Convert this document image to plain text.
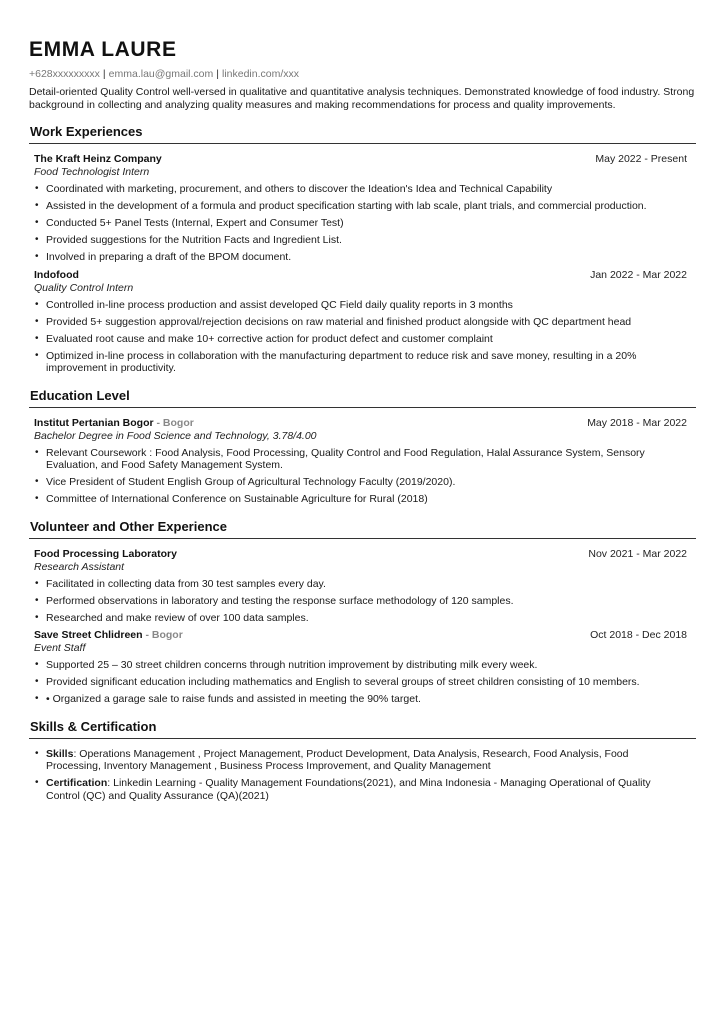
EMMA LAURE
+628xxxxxxxxx | emma.lau@gmail.com | linkedin.com/xxx
Detail-oriented Quality Control well-versed in qualitative and quantitative analysis techniques. Demonstrated knowledge of food industry. Strong background in collecting and analyzing quality measures and making recommendations for process and quality improvements.
Work Experiences
The Kraft Heinz Company	May 2022 - Present
Food Technologist Intern
• Coordinated with marketing, procurement, and others to discover the Ideation's Idea and Technical Capability
• Assisted in the development of a formula and product specification starting with lab scale, plant trials, and commercial production.
• Conducted 5+ Panel Tests (Internal, Expert and Consumer Test)
• Provided suggestions for the Nutrition Facts and Ingredient List.
• Involved in preparing a draft of the BPOM document.
Indofood	Jan 2022 - Mar 2022
Quality Control Intern
• Controlled in-line process production and assist developed QC Field daily quality reports in 3 months
• Provided 5+ suggestion approval/rejection decisions on raw material and finished product alongside with QC department head
• Evaluated root cause and make 10+ corrective action for product defect and customer complaint
• Optimized in-line process in collaboration with the manufacturing department to reduce risk and save money, resulting in a 20% improvement in productivity.
Education Level
Institut Pertanian Bogor - Bogor	May 2018 - Mar 2022
Bachelor Degree in Food Science and Technology, 3.78/4.00
• Relevant Coursework : Food Analysis, Food Processing, Quality Control and Food Regulation, Halal Assurance System, Sensory Evaluation, and Food Safety Management System.
• Vice President of Student English Group of Agricultural Technology Faculty (2019/2020).
• Committee of International Conference on Sustainable Agriculture for Rural (2018)
Volunteer and Other Experience
Food Processing Laboratory	Nov 2021 - Mar 2022
Research Assistant
• Facilitated in collecting data from 30 test samples every day.
• Performed observations in laboratory and testing the response surface methodology of 120 samples.
• Researched and make review of over 100 data samples.
Save Street Chlidreen - Bogor	Oct 2018 - Dec 2018
Event Staff
• Supported 25 – 30 street children concerns through nutrition improvement by distributing milk every week.
• Provided significant education including mathematics and English to several groups of street children consisting of 10 members.
• • Organized a garage sale to raise funds and assisted in meeting the 90% target.
Skills & Certification
• Skills: Operations Management , Project Management, Product Development, Data Analysis, Research, Food Analysis, Food Processing, Inventory Management , Business Process Improvement, and Quality Management
• Certification: Linkedin Learning - Quality Management Foundations(2021), and Mina Indonesia - Managing Operational of Quality Control (QC) and Quality Assurance (QA)(2021)
